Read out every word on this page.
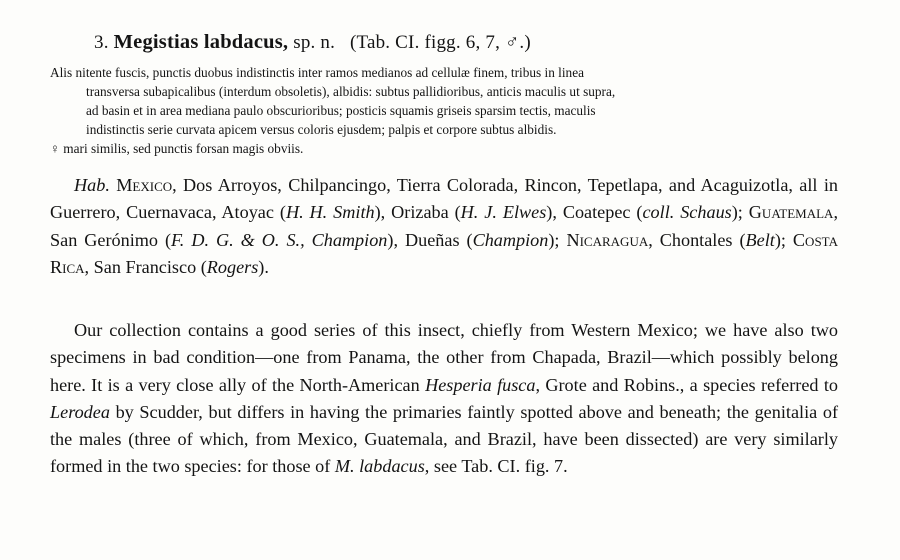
3. Megistias labdacus, sp. n. (Tab. CI. figg. 6, 7, ♂.)

Alis nitente fuscis, punctis duobus indistinctis inter ramos medianos ad cellulæ finem, tribus in linea

transversa subapicalibus (interdum obsoletis), albidis: subtus pallidioribus, anticis maculis ut supra,

ad basin et in area mediana paulo obscurioribus; posticis squamis griseis sparsim tectis, maculis

indistinctis serie curvata apicem versus coloris ejusdem; palpis et corpore subtus albidis.

♀ mari similis, sed punctis forsan magis obviis.

Hab. Mexico, Dos Arroyos, Chilpancingo, Tierra Colorada, Rincon, Tepetlapa, and Acaguizotla, all in Guerrero, Cuernavaca, Atoyac (H. H. Smith), Orizaba (H. J. Elwes), Coatepec (coll. Schaus); Guatemala, San Gerónimo (F. D. G. & O. S., Champion), Dueñas (Champion); Nicaragua, Chontales (Belt); Costa Rica, San Francisco (Rogers).

Our collection contains a good series of this insect, chiefly from Western Mexico; we have also two specimens in bad condition—one from Panama, the other from Chapada, Brazil—which possibly belong here. It is a very close ally of the North-American Hesperia fusca, Grote and Robins., a species referred to Lerodea by Scudder, but differs in having the primaries faintly spotted above and beneath; the genitalia of the males (three of which, from Mexico, Guatemala, and Brazil, have been dissected) are very similarly formed in the two species: for those of M. labdacus, see Tab. CI. fig. 7.
